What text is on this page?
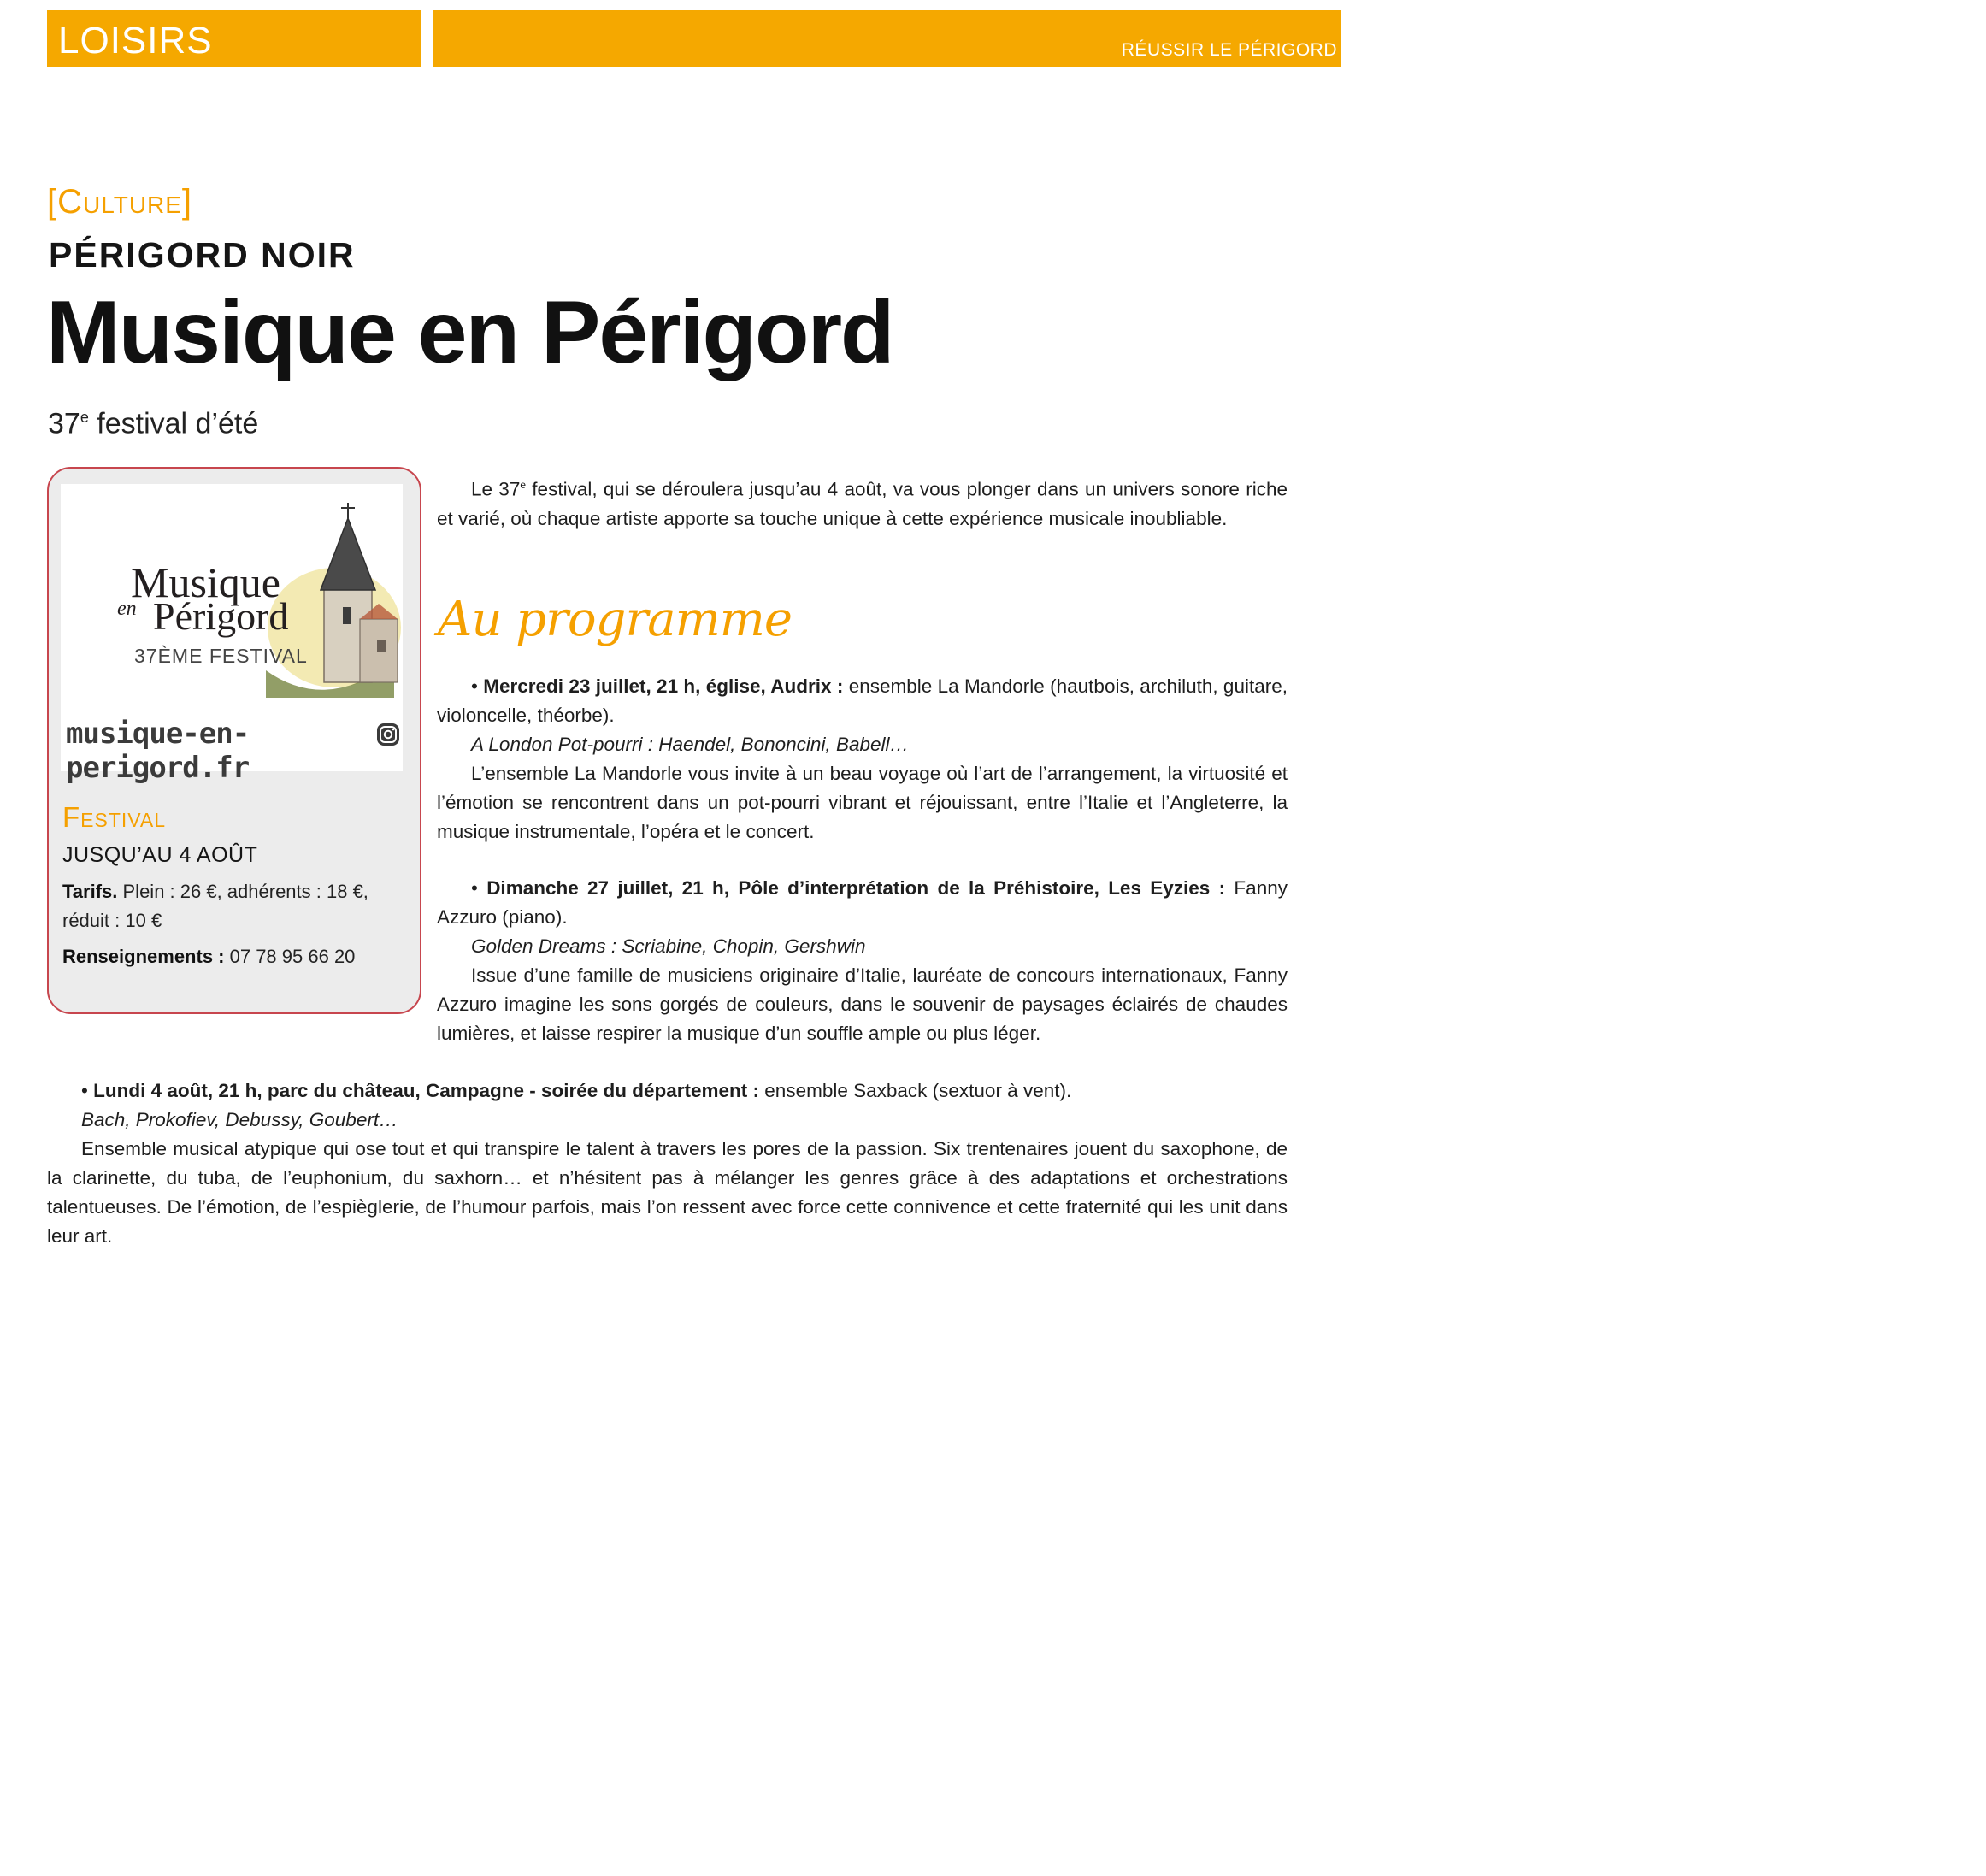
LOISIRS	RÉUSSIR LE PÉRIGORD
[Culture]
PÉRIGORD NOIR
Musique en Périgord
37e festival d’été
Musique
en Périgord
37ÈME FESTIVAL
musique-en-perigord.fr
Festival
JUSQU’AU 4 AOÛT
Tarifs. Plein : 26 €, adhérents : 18 €, réduit : 10 €
Renseignements : 07 78 95 66 20

Le 37e festival, qui se déroulera jusqu’au 4 août, va vous plonger dans un univers sonore riche et varié, où chaque artiste apporte sa touche unique à cette expérience musicale inoubliable.

Au programme

• Mercredi 23 juillet, 21 h, église, Audrix : ensemble La Mandorle (hautbois, archiluth, guitare, violoncelle, théorbe).

A London Pot-pourri : Haendel, Bononcini, Babell…

L’ensemble La Mandorle vous invite à un beau voyage où l’art de l’arrangement, la virtuosité et l’émotion se rencontrent dans un pot-pourri vibrant et réjouissant, entre l’Italie et l’Angleterre, la musique instrumentale, l’opéra et le concert.

• Dimanche 27 juillet, 21 h, Pôle d’interprétation de la Préhistoire, Les Eyzies : Fanny Azzuro (piano).

Golden Dreams : Scriabine, Chopin, Gershwin

Issue d’une famille de musiciens originaire d’Italie, lauréate de concours internationaux, Fanny Azzuro imagine les sons gorgés de couleurs, dans le souvenir de paysages éclairés de chaudes lumières, et laisse respirer la musique d’un souffle ample ou plus léger.

• Lundi 4 août, 21 h, parc du château, Campagne - soirée du département : ensemble Saxback (sextuor à vent).

Bach, Prokofiev, Debussy, Goubert…

Ensemble musical atypique qui ose tout et qui transpire le talent à travers les pores de la passion. Six trentenaires jouent du saxophone, de la clarinette, du tuba, de l’euphonium, du saxhorn… et n’hésitent pas à mélanger les genres grâce à des adaptations et orchestrations talentueuses. De l’émotion, de l’espièglerie, de l’humour parfois, mais l’on ressent avec force cette connivence et cette fraternité qui les unit dans leur art.
